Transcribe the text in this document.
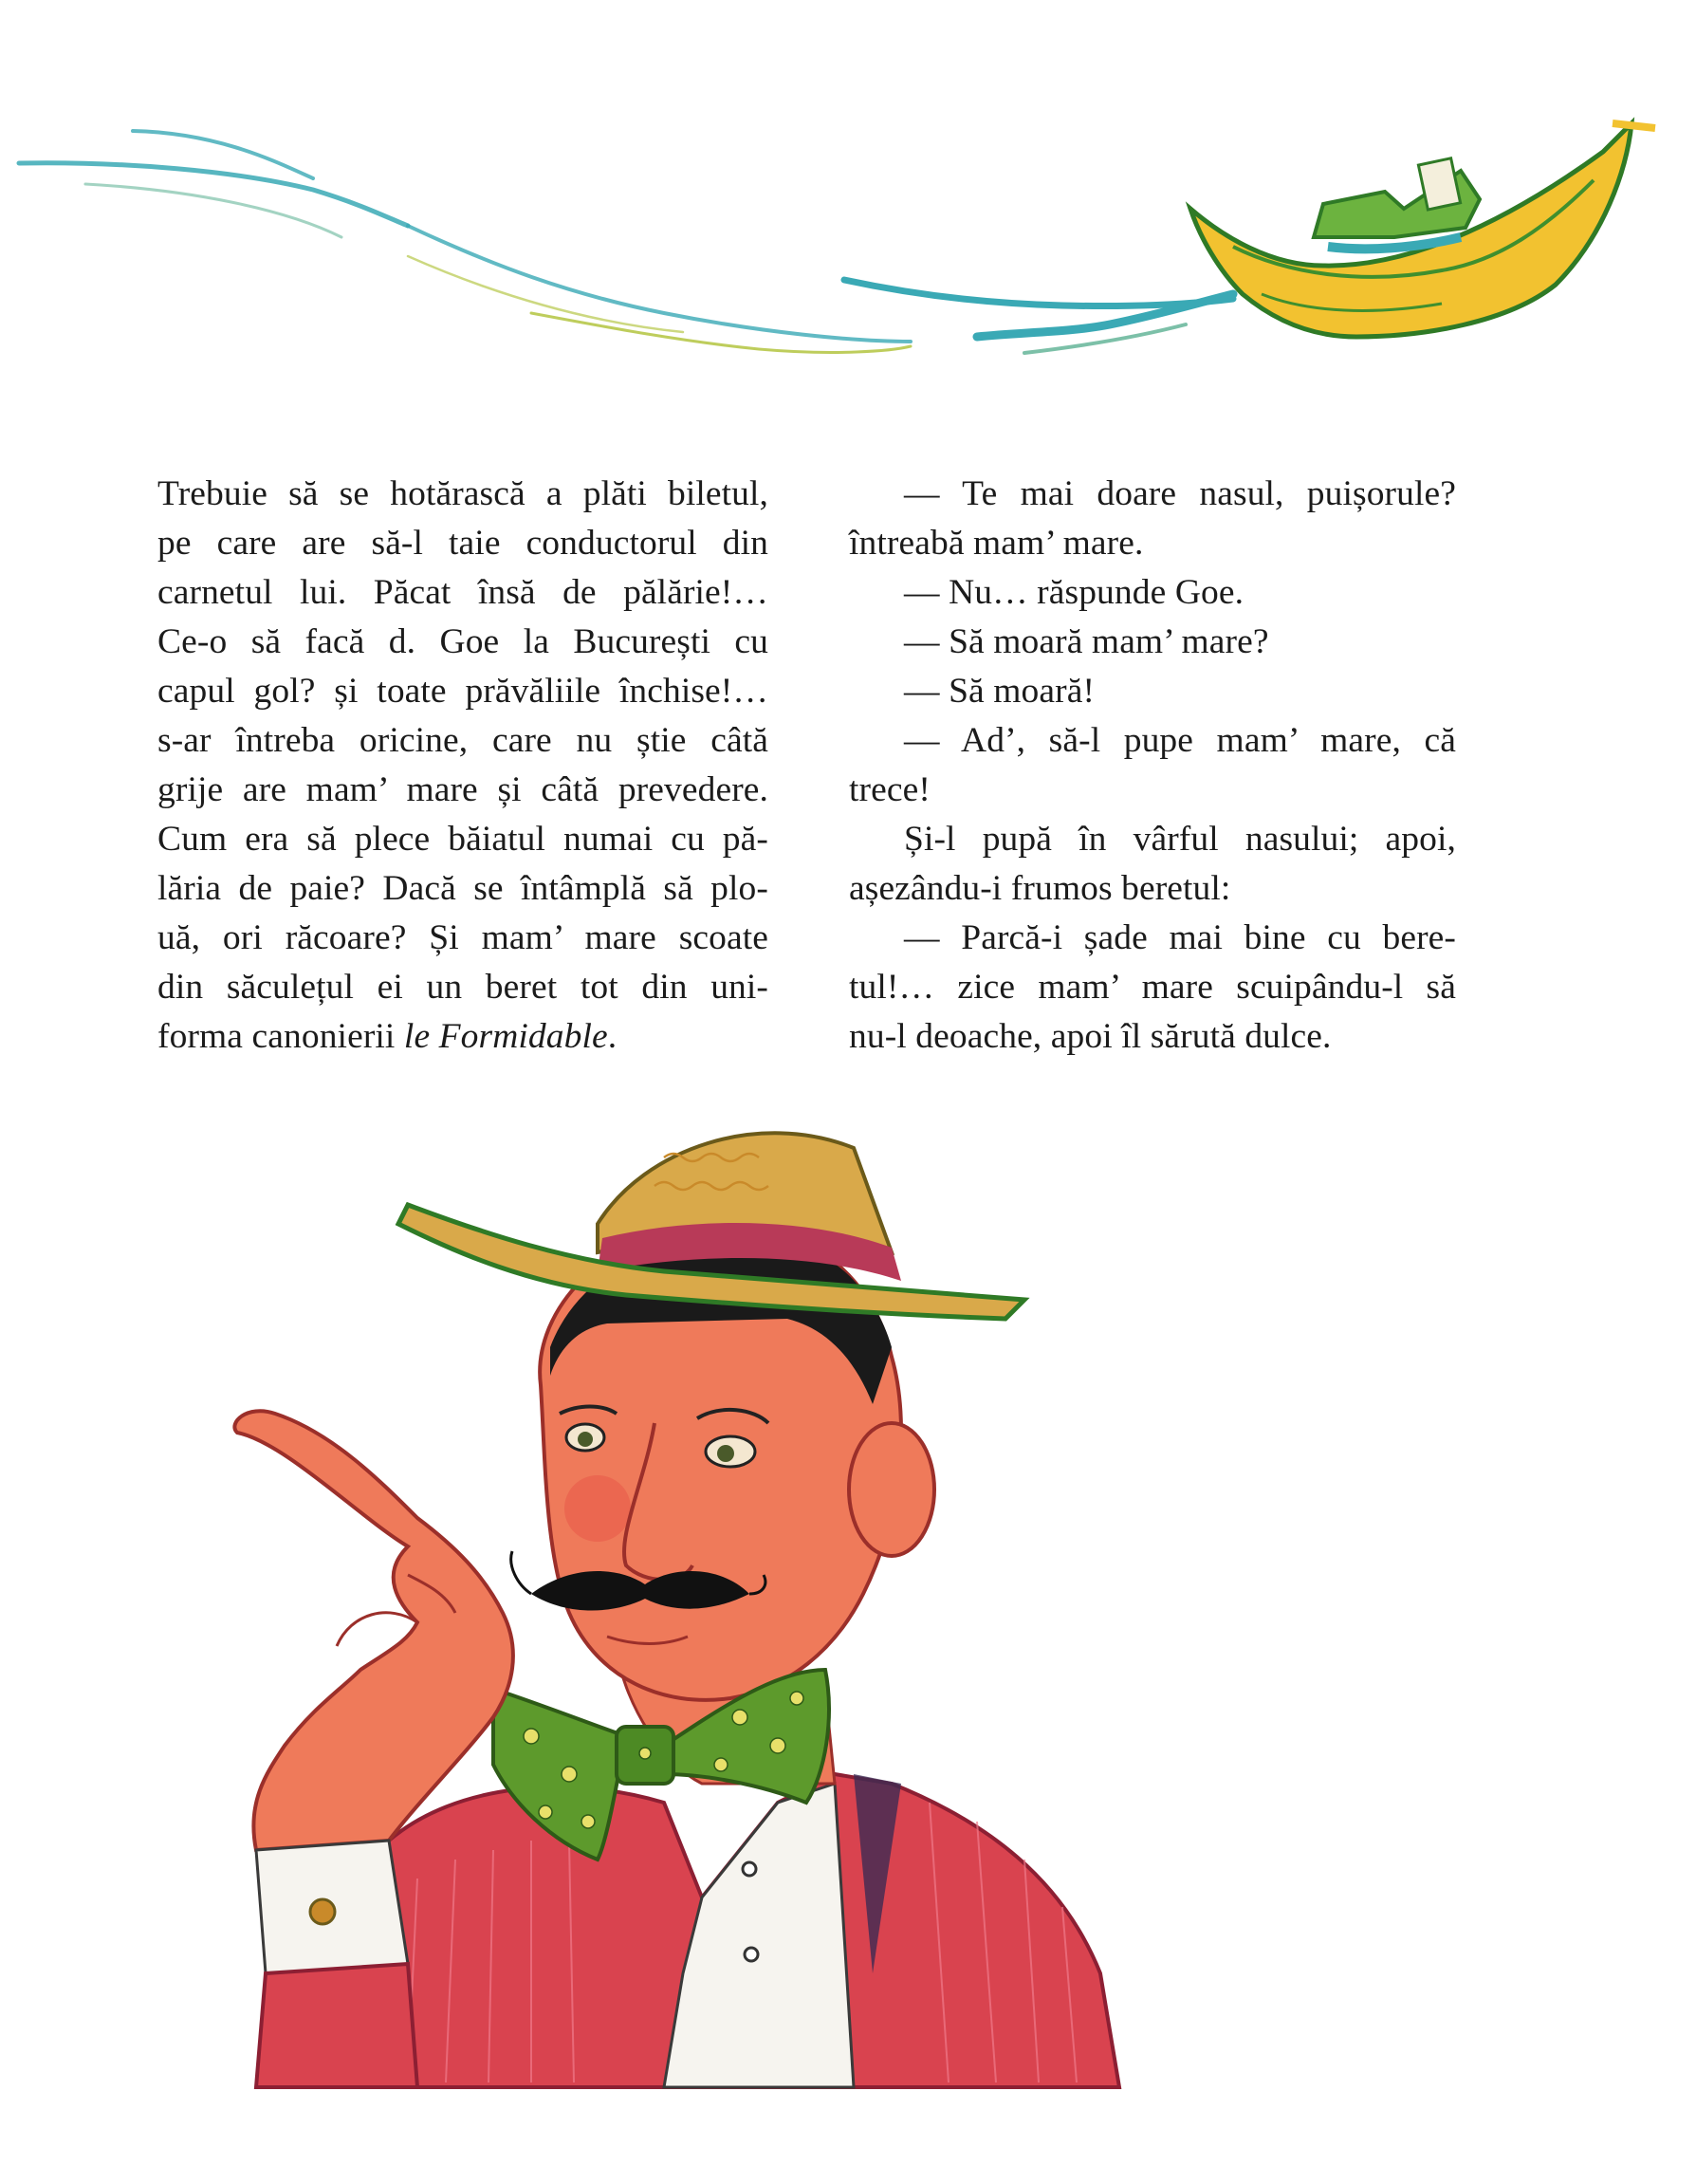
Trebuie să se hotărască a plăti biletul,
pe care are să-l taie conductorul din
carnetul lui. Păcat însă de pălărie!…
Ce-o să facă d. Goe la București cu
capul gol? și toate prăvăliile închise!…
s-ar întreba oricine, care nu știe câtă
grije are mam’ mare și câtă prevedere.
Cum era să plece băiatul numai cu pă-
lăria de paie? Dacă se întâmplă să plo-
uă, ori răcoare? Și mam’ mare scoate
din săculețul ei un beret tot din uni-
forma canonierii le Formidable.
— Te mai doare nasul, puișorule?
întreabă mam’ mare.
— Nu… răspunde Goe.
— Să moară mam’ mare?
— Să moară!
— Ad’, să-l pupe mam’ mare, că
trece!
Și-l pupă în vârful nasului; apoi,
așezându-i frumos beretul:
— Parcă-i șade mai bine cu bere-
tul!… zice mam’ mare scuipându-l să
nu-l deoache, apoi îl sărută dulce.
